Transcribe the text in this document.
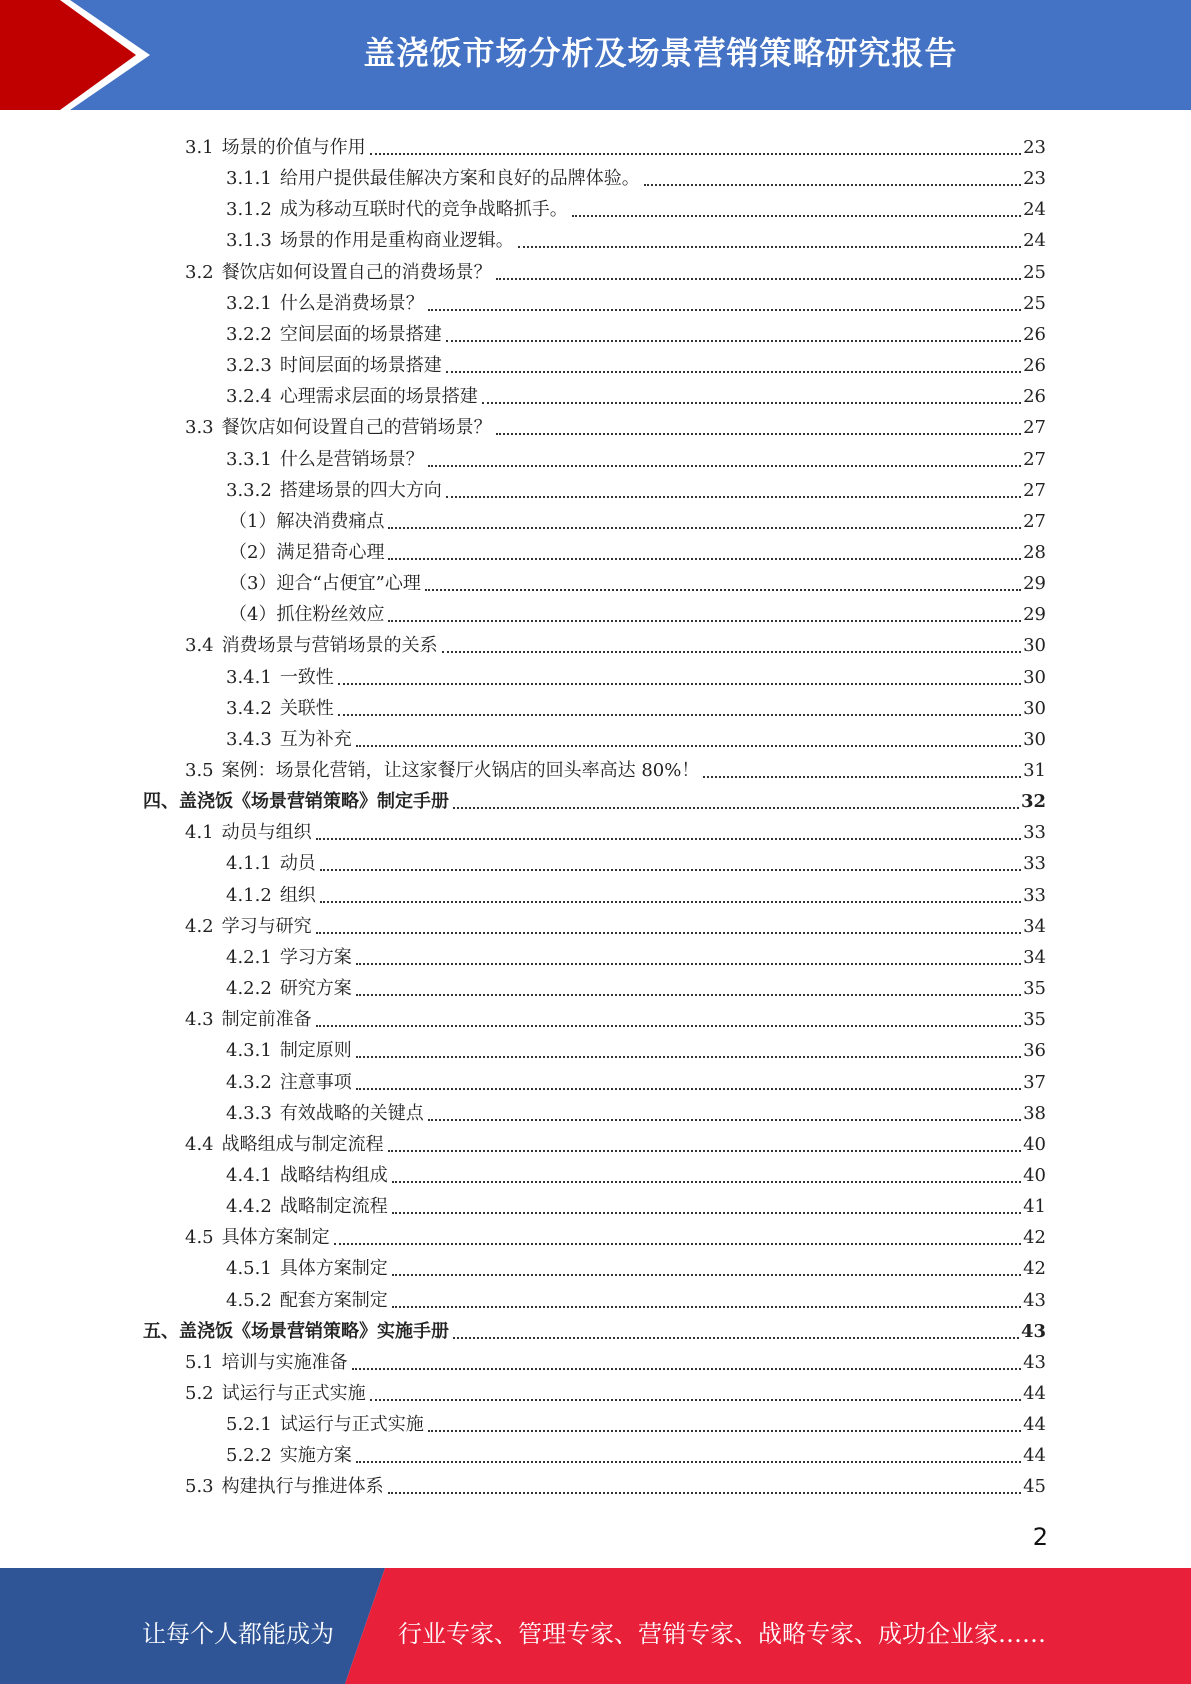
盖浇饭市场分析及场景营销策略研究报告
3.1 场景的价值与作用	23
3.1.1 给用户提供最佳解决方案和良好的品牌体验。	23
3.1.2 成为移动互联时代的竞争战略抓手。	24
3.1.3 场景的作用是重构商业逻辑。	24
3.2 餐饮店如何设置自己的消费场景？	25
3.2.1 什么是消费场景？	25
3.2.2 空间层面的场景搭建	26
3.2.3 时间层面的场景搭建	26
3.2.4 心理需求层面的场景搭建	26
3.3 餐饮店如何设置自己的营销场景？	27
3.3.1 什么是营销场景？	27
3.3.2 搭建场景的四大方向	27
（1）解决消费痛点	27
（2）满足猎奇心理	28
（3）迎合“占便宜”心理	29
（4）抓住粉丝效应	29
3.4 消费场景与营销场景的关系	30
3.4.1 一致性	30
3.4.2 关联性	30
3.4.3 互为补充	30
3.5 案例：场景化营销，让这家餐厅火锅店的回头率高达 80%！	31
四、盖浇饭《场景营销策略》制定手册	32
4.1 动员与组织	33
4.1.1 动员	33
4.1.2 组织	33
4.2 学习与研究	34
4.2.1 学习方案	34
4.2.2 研究方案	35
4.3 制定前准备	35
4.3.1 制定原则	36
4.3.2 注意事项	37
4.3.3 有效战略的关键点	38
4.4 战略组成与制定流程	40
4.4.1 战略结构组成	40
4.4.2 战略制定流程	41
4.5 具体方案制定	42
4.5.1 具体方案制定	42
4.5.2 配套方案制定	43
五、盖浇饭《场景营销策略》实施手册	43
5.1 培训与实施准备	43
5.2 试运行与正式实施	44
5.2.1 试运行与正式实施	44
5.2.2 实施方案	44
5.3 构建执行与推进体系	45
2
让每个人都能成为	行业专家、管理专家、营销专家、战略专家、成功企业家……
